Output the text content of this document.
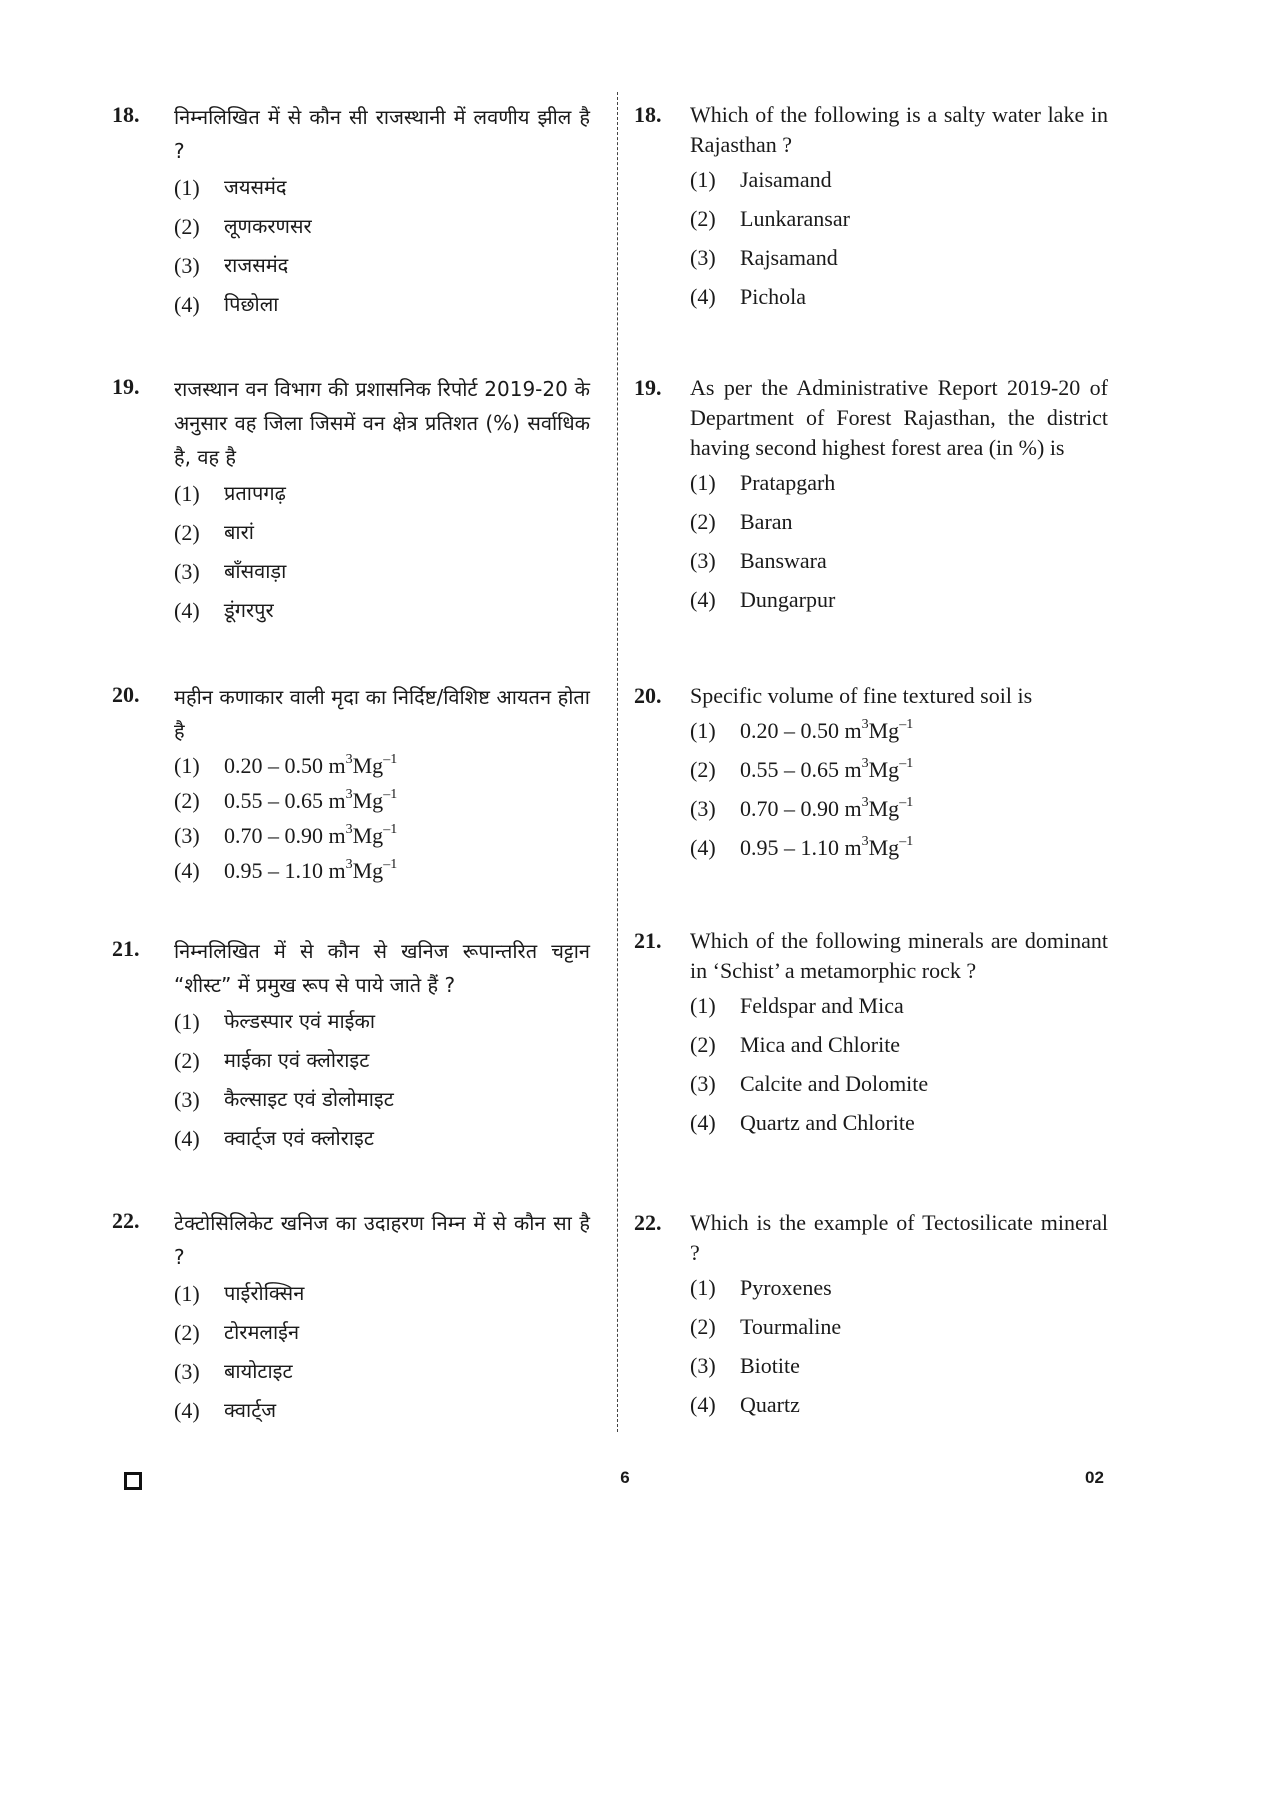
18. निम्नलिखित में से कौन सी राजस्थानी में लवणीय झील है ?
(1)	जयसमंद
(2)	लूणकरणसर
(3)	राजसमंद
(4)	पिछोला
19. राजस्थान वन विभाग की प्रशासनिक रिपोर्ट 2019-20 के अनुसार वह जिला जिसमें वन क्षेत्र प्रतिशत (%) सर्वाधिक है, वह है
(1)	प्रतापगढ़
(2)	बारां
(3)	बाँसवाड़ा
(4)	डूंगरपुर
20. महीन कणाकार वाली मृदा का निर्दिष्ट/विशिष्ट आयतन होता है
(1)	0.20 – 0.50 $m^3Mg^{-1}$
(2)	0.55 – 0.65 $m^3Mg^{-1}$
(3)	0.70 – 0.90 $m^3Mg^{-1}$
(4)	0.95 – 1.10 $m^3Mg^{-1}$
21. निम्नलिखित में से कौन से खनिज रूपान्तरित चट्टान “शीस्ट” में प्रमुख रूप से पाये जाते हैं ?
(1)	फेल्डस्पार एवं माईका
(2)	माईका एवं क्लोराइट
(3)	कैल्साइट एवं डोलोमाइट
(4)	क्वार्ट्ज एवं क्लोराइट
22. टेक्टोसिलिकेट खनिज का उदाहरण निम्न में से कौन सा है ?
(1)	पाईरोक्सिन
(2)	टोरमलाईन
(3)	बायोटाइट
(4)	क्वार्ट्ज
18. Which of the following is a salty water lake in Rajasthan ?
(1)	Jaisamand
(2)	Lunkaransar
(3)	Rajsamand
(4)	Pichola
19. As per the Administrative Report 2019-20 of Department of Forest Rajasthan, the district having second highest forest area (in %) is
(1)	Pratapgarh
(2)	Baran
(3)	Banswara
(4)	Dungarpur
20. Specific volume of fine textured soil is
(1)	0.20 – 0.50 $m^3Mg^{-1}$
(2)	0.55 – 0.65 $m^3Mg^{-1}$
(3)	0.70 – 0.90 $m^3Mg^{-1}$
(4)	0.95 – 1.10 $m^3Mg^{-1}$
21. Which of the following minerals are dominant in ‘Schist’ a metamorphic rock ?
(1)	Feldspar and Mica
(2)	Mica and Chlorite
(3)	Calcite and Dolomite
(4)	Quartz and Chlorite
22. Which is the example of Tectosilicate mineral ?
(1)	Pyroxenes
(2)	Tourmaline
(3)	Biotite
(4)	Quartz
6	02
